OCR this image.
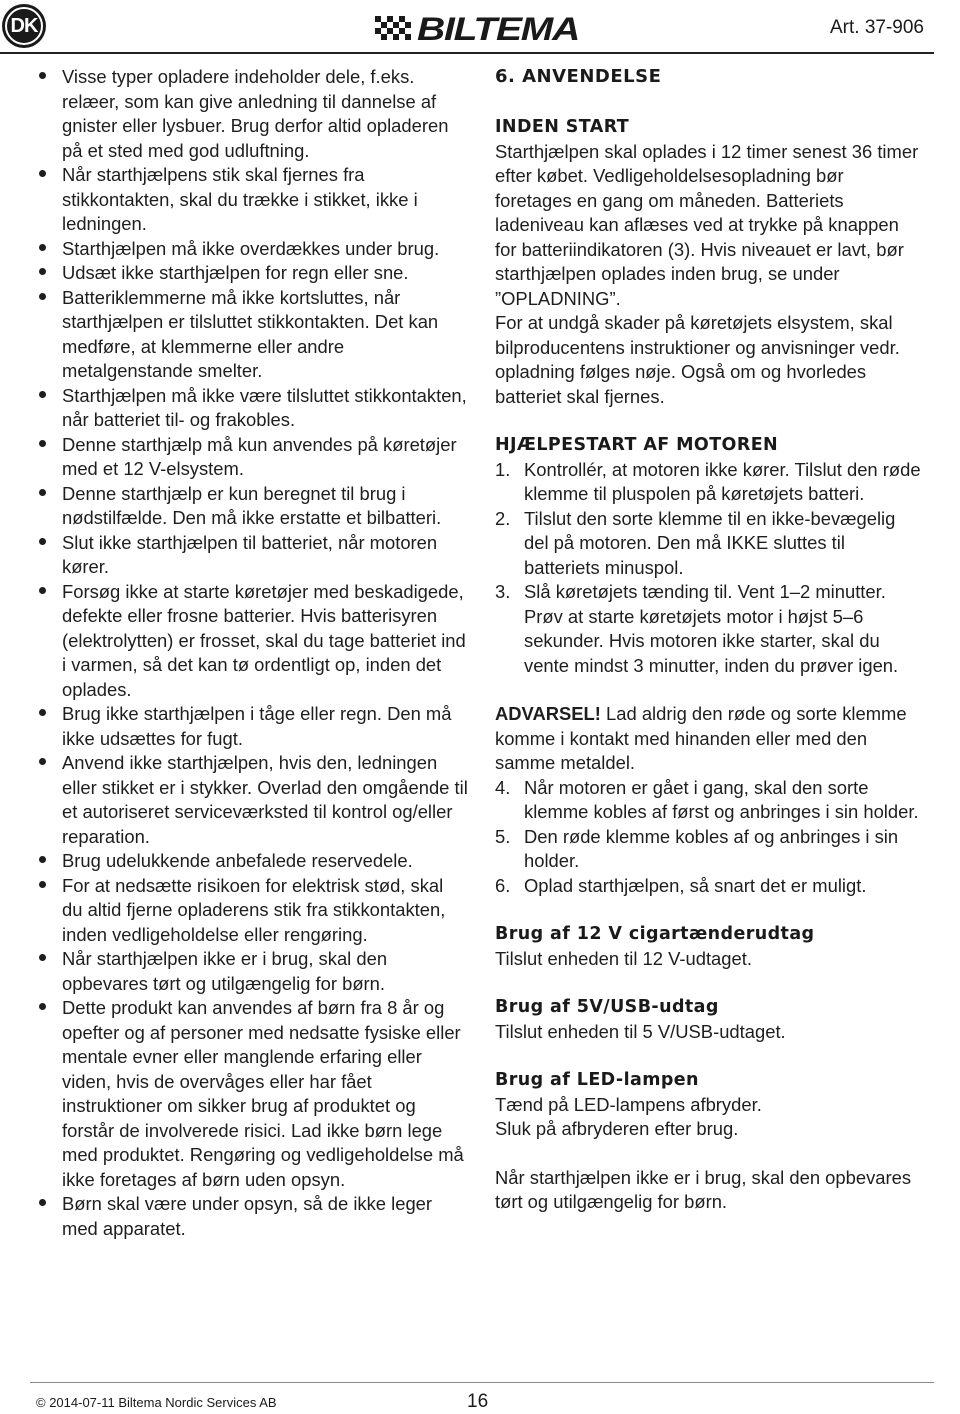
DK	BILTEMA	Art. 37-906
Visse typer opladere indeholder dele, f.eks. relæer, som kan give anledning til dannelse af gnister eller lysbuer. Brug derfor altid opladeren på et sted med god udluftning.
Når starthjælpens stik skal fjernes fra stikkontakten, skal du trække i stikket, ikke i ledningen.
Starthjælpen må ikke overdækkes under brug.
Udsæt ikke starthjælpen for regn eller sne.
Batteriklemmerne må ikke kortsluttes, når starthjælpen er tilsluttet stikkontakten. Det kan medføre, at klemmerne eller andre metalgenstande smelter.
Starthjælpen må ikke være tilsluttet stikkontakten, når batteriet til- og frakobles.
Denne starthjælp må kun anvendes på køretøjer med et 12 V-elsystem.
Denne starthjælp er kun beregnet til brug i nødstilfælde. Den må ikke erstatte et bilbatteri.
Slut ikke starthjælpen til batteriet, når motoren kører.
Forsøg ikke at starte køretøjer med beskadigede, defekte eller frosne batterier. Hvis batterisyren (elektrolytten) er frosset, skal du tage batteriet ind i varmen, så det kan tø ordentligt op, inden det oplades.
Brug ikke starthjælpen i tåge eller regn. Den må ikke udsættes for fugt.
Anvend ikke starthjælpen, hvis den, ledningen eller stikket er i stykker. Overlad den omgående til et autoriseret serviceværksted til kontrol og/eller reparation.
Brug udelukkende anbefalede reservedele.
For at nedsætte risikoen for elektrisk stød, skal du altid fjerne opladerens stik fra stikkontakten, inden vedligeholdelse eller rengøring.
Når starthjælpen ikke er i brug, skal den opbevares tørt og utilgængelig for børn.
Dette produkt kan anvendes af børn fra 8 år og opefter og af personer med nedsatte fysiske eller mentale evner eller manglende erfaring eller viden, hvis de overvåges eller har fået instruktioner om sikker brug af produktet og forstår de involverede risici. Lad ikke børn lege med produktet. Rengøring og vedligeholdelse må ikke foretages af børn uden opsyn.
Børn skal være under opsyn, så de ikke leger med apparatet.
6. ANVENDELSE
INDEN START

Starthjælpen skal oplades i 12 timer senest 36 timer efter købet. Vedligeholdelsesopladning bør foretages en gang om måneden. Batteriets ladeniveau kan aflæses ved at trykke på knappen for batteriindikatoren (3). Hvis niveauet er lavt, bør starthjælpen oplades inden brug, se under ”OPLADNING”.

For at undgå skader på køretøjets elsystem, skal bilproducentens instruktioner og anvisninger vedr. opladning følges nøje. Også om og hvorledes batteriet skal fjernes.

HJÆLPESTART AF MOTOREN
1. Kontrollér, at motoren ikke kører. Tilslut den røde klemme til pluspolen på køretøjets batteri.
2. Tilslut den sorte klemme til en ikke-bevægelig del på motoren. Den må IKKE sluttes til batteriets minuspol.
3. Slå køretøjets tænding til. Vent 1–2 minutter. Prøv at starte køretøjets motor i højst 5–6 sekunder. Hvis motoren ikke starter, skal du vente mindst 3 minutter, inden du prøver igen.

ADVARSEL! Lad aldrig den røde og sorte klemme komme i kontakt med hinanden eller med den samme metaldel.

4. Når motoren er gået i gang, skal den sorte klemme kobles af først og anbringes i sin holder.
5. Den røde klemme kobles af og anbringes i sin holder.
6. Oplad starthjælpen, så snart det er muligt.
Brug af 12 V cigartænderudtag

Tilslut enheden til 12 V-udtaget.

Brug af 5V/USB-udtag

Tilslut enheden til 5 V/USB-udtaget.

Brug af LED-lampen

Tænd på LED-lampens afbryder.

Sluk på afbryderen efter brug.

Når starthjælpen ikke er i brug, skal den opbevares tørt og utilgængelig for børn.

© 2014-07-11 Biltema Nordic Services AB	16
